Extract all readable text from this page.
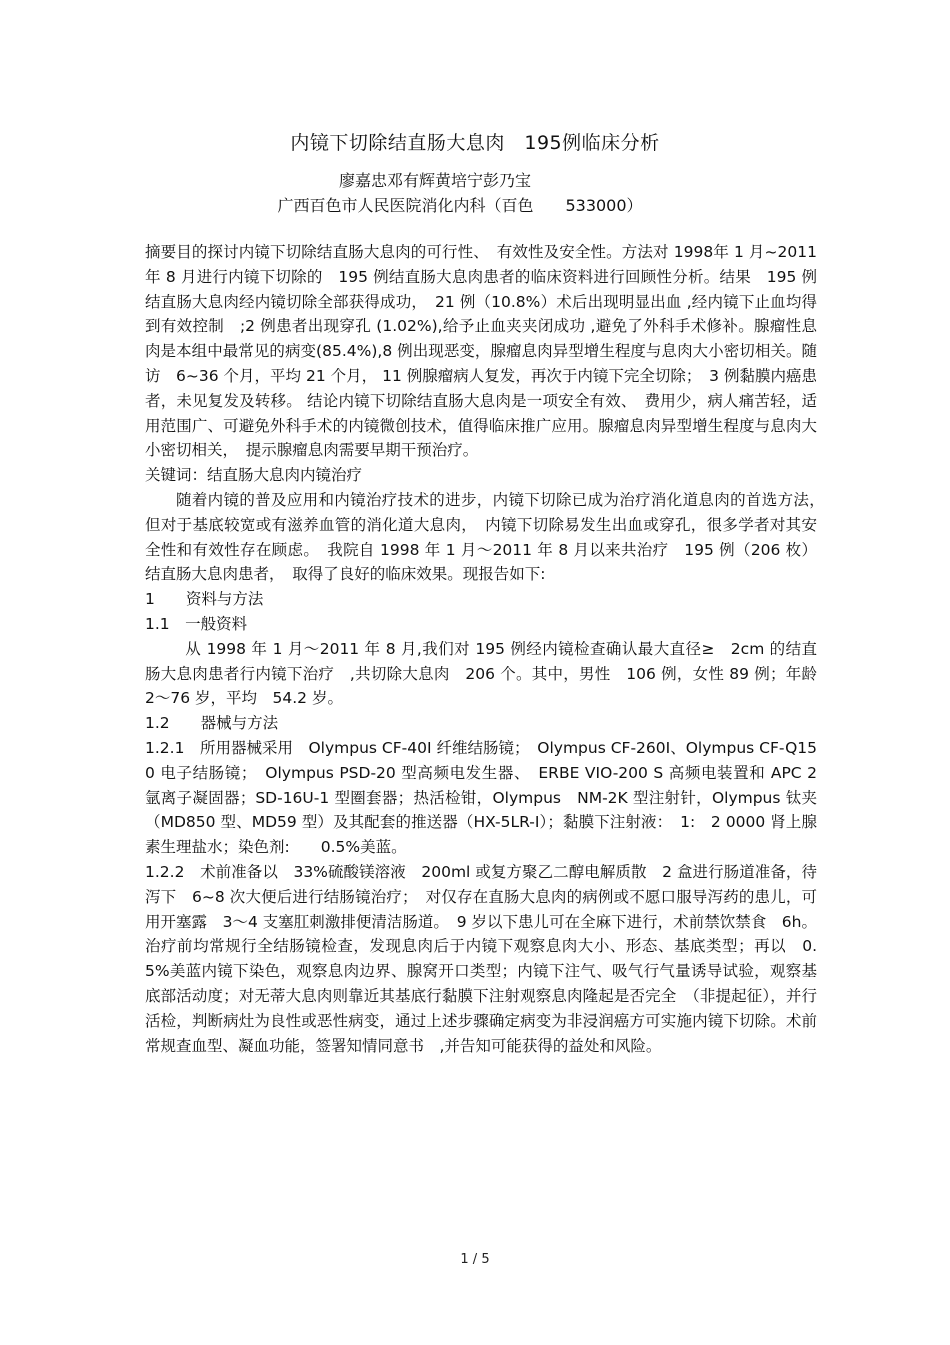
内镜下切除结直肠大息肉　195例临床分析
廖嘉忠邓有辉黄培宁彭乃宝
广西百色市人民医院消化内科（百色　　533000）

摘要目的探讨内镜下切除结直肠大息肉的可行性、　有效性及安全性。方法对 1998年 1 月~2011 年 8 月进行内镜下切除的　195 例结直肠大息肉患者的临床资料进行回顾性分析。结果　195 例结直肠大息肉经内镜切除全部获得成功，　21 例（10.8%）术后出现明显出血 ,经内镜下止血均得到有效控制　;2 例患者出现穿孔 (1.02%),给予止血夹夹闭成功 ,避免了外科手术修补。腺瘤性息肉是本组中最常见的病变(85.4%),8 例出现恶变，腺瘤息肉异型增生程度与息肉大小密切相关。随访　6~36 个月，平均 21 个月， 11 例腺瘤病人复发，再次于内镜下完全切除；　3 例黏膜内癌患者，未见复发及转移。 结论内镜下切除结直肠大息肉是一项安全有效、　费用少，病人痛苦轻，适用范围广、可避免外科手术的内镜微创技术，值得临床推广应用。腺瘤息肉异型增生程度与息肉大小密切相关，　提示腺瘤息肉需要早期干预治疗。

关键词：结直肠大息肉内镜治疗

随着内镜的普及应用和内镜治疗技术的进步，内镜下切除已成为治疗消化道息肉的首选方法，　但对于基底较宽或有滋养血管的消化道大息肉，　内镜下切除易发生出血或穿孔，很多学者对其安全性和有效性存在顾虑。　我院自 1998 年 1 月～2011 年 8 月以来共治疗　195 例（206 枚）结直肠大息肉患者，　取得了良好的临床效果。现报告如下:

1　　资料与方法

1.1　一般资料

从 1998 年 1 月～2011 年 8 月,我们对 195 例经内镜检查确认最大直径≥　2cm 的结直肠大息肉患者行内镜下治疗　,共切除大息肉　206 个。其中，男性　106 例，女性 89 例；年龄 2～76 岁，平均　54.2 岁。

1.2　　器械与方法

1.2.1　所用器械采用　Olympus CF-40I 纤维结肠镜；　Olympus CF-260I、Olympus CF-Q150 电子结肠镜；　Olympus PSD-20 型高频电发生器、　ERBE VIO-200 S 高频电装置和 APC 2 氩离子凝固器；SD-16U-1 型圈套器；热活检钳，Olympus　NM-2K 型注射针，Olympus 钛夹（MD850 型、MD59 型）及其配套的推送器（HX-5LR-I）；黏膜下注射液：　1:　2 0000 肾上腺素生理盐水；染色剂:　　0.5%美蓝。

1.2.2　术前准备以　33%硫酸镁溶液　200ml 或复方聚乙二醇电解质散　2 盒进行肠道准备，待泻下　6~8 次大便后进行结肠镜治疗；　对仅存在直肠大息肉的病例或不愿口服导泻药的患儿，可用开塞露　3～4 支塞肛刺激排便清洁肠道。　9 岁以下患儿可在全麻下进行，术前禁饮禁食　6h。治疗前均常规行全结肠镜检查，发现息肉后于内镜下观察息肉大小、形态、基底类型；再以　0.5%美蓝内镜下染色，观察息肉边界、腺窝开口类型；内镜下注气、吸气行气量诱导试验，观察基底部活动度；对无蒂大息肉则靠近其基底行黏膜下注射观察息肉隆起是否完全　（非提起征），并行活检，判断病灶为良性或恶性病变，通过上述步骤确定病变为非浸润癌方可实施内镜下切除。术前常规查血型、凝血功能，签署知情同意书　,并告知可能获得的益处和风险。

1 / 5
